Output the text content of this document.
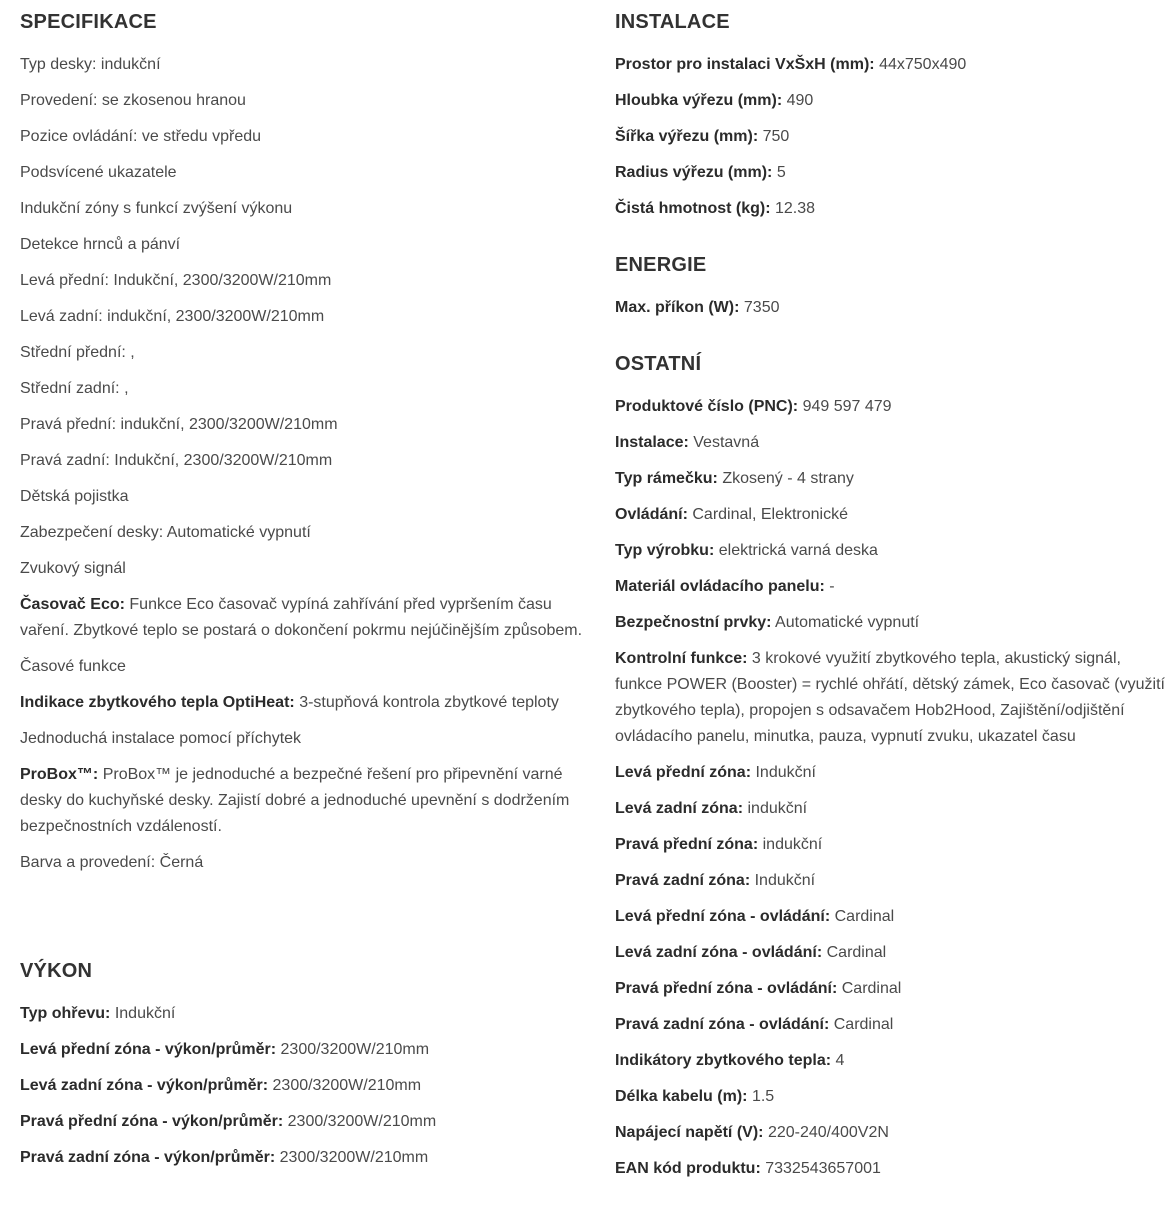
SPECIFIKACE
Typ desky: indukční
Provedení: se zkosenou hranou
Pozice ovládání: ve středu vpředu
Podsvícené ukazatele
Indukční zóny s funkcí zvýšení výkonu
Detekce hrnců a pánví
Levá přední: Indukční, 2300/3200W/210mm
Levá zadní: indukční, 2300/3200W/210mm
Střední přední: ,
Střední zadní: ,
Pravá přední: indukční, 2300/3200W/210mm
Pravá zadní: Indukční, 2300/3200W/210mm
Dětská pojistka
Zabezpečení desky: Automatické vypnutí
Zvukový signál
Časovač Eco: Funkce Eco časovač vypíná zahřívání před vypršením času vaření. Zbytkové teplo se postará o dokončení pokrmu nejúčinějším způsobem.
Časové funkce
Indikace zbytkového tepla OptiHeat: 3-stupňová kontrola zbytkové teploty
Jednoduchá instalace pomocí příchytek
ProBox™: ProBox™ je jednoduché a bezpečné řešení pro připevnění varné desky do kuchyňské desky. Zajistí dobré a jednoduché upevnění s dodržením bezpečnostních vzdáleností.
Barva a provedení: Černá
VÝKON
Typ ohřevu: Indukční
Levá přední zóna - výkon/průměr: 2300/3200W/210mm
Levá zadní zóna - výkon/průměr: 2300/3200W/210mm
Pravá přední zóna - výkon/průměr: 2300/3200W/210mm
Pravá zadní zóna - výkon/průměr: 2300/3200W/210mm
INSTALACE
Prostor pro instalaci VxŠxH (mm): 44x750x490
Hloubka výřezu (mm): 490
Šířka výřezu (mm): 750
Radius výřezu (mm): 5
Čistá hmotnost (kg): 12.38
ENERGIE
Max. příkon (W): 7350
OSTATNÍ
Produktové číslo (PNC): 949 597 479
Instalace: Vestavná
Typ rámečku: Zkosený - 4 strany
Ovládání: Cardinal, Elektronické
Typ výrobku: elektrická varná deska
Materiál ovládacího panelu: -
Bezpečnostní prvky: Automatické vypnutí
Kontrolní funkce: 3 krokové využití zbytkového tepla, akustický signál, funkce POWER (Booster) = rychlé ohřátí, dětský zámek, Eco časovač (využití zbytkového tepla), propojen s odsavačem Hob2Hood, Zajištění/odjištění ovládacího panelu, minutka, pauza, vypnutí zvuku, ukazatel času
Levá přední zóna: Indukční
Levá zadní zóna: indukční
Pravá přední zóna: indukční
Pravá zadní zóna: Indukční
Levá přední zóna - ovládání: Cardinal
Levá zadní zóna - ovládání: Cardinal
Pravá přední zóna - ovládání: Cardinal
Pravá zadní zóna - ovládání: Cardinal
Indikátory zbytkového tepla: 4
Délka kabelu (m): 1.5
Napájecí napětí (V): 220-240/400V2N
EAN kód produktu: 7332543657001
